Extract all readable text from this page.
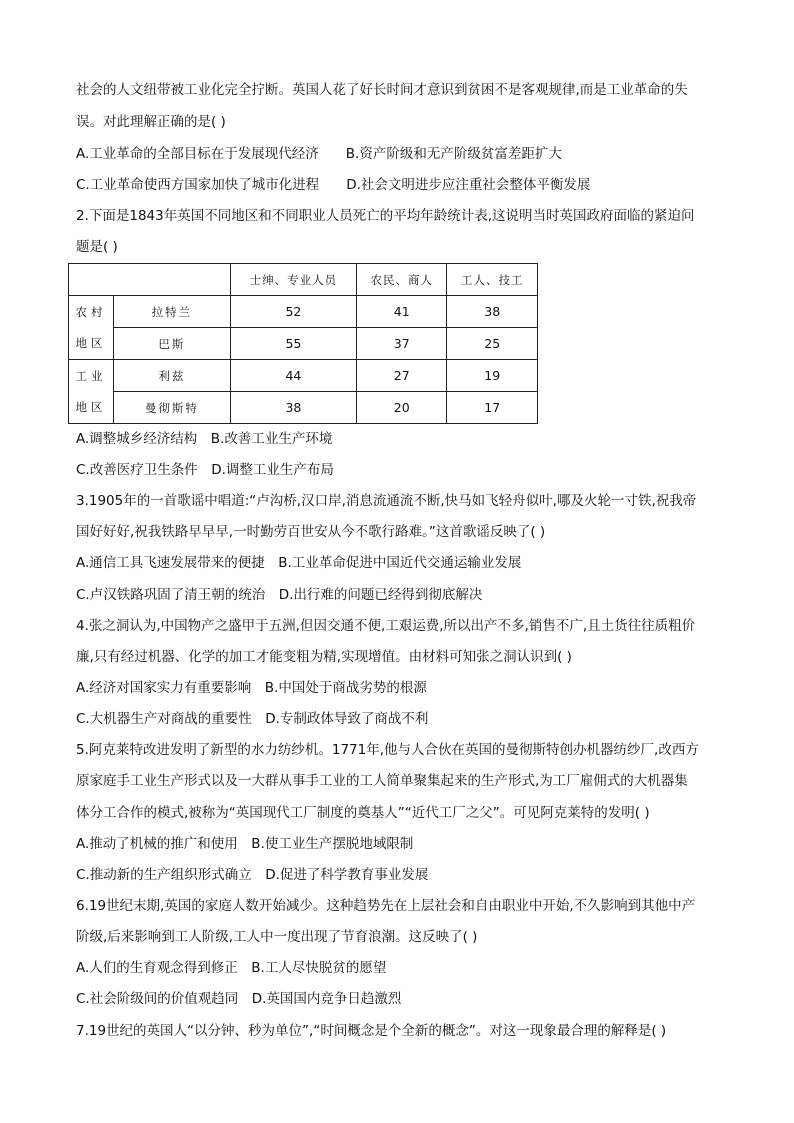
社会的人文纽带被工业化完全拧断。英国人花了好长时间才意识到贫困不是客观规律,而是工业革命的失
误。对此理解正确的是( )
A.工业革命的全部目标在于发展现代经济　　B.资产阶级和无产阶级贫富差距扩大
C.工业革命使西方国家加快了城市化进程　　D.社会文明进步应注重社会整体平衡发展
2.下面是1843年英国不同地区和不同职业人员死亡的平均年龄统计表,这说明当时英国政府面临的紧迫问
题是( )
		士绅、专业人员	农民、商人	工人、技工
农村	拉特兰	52	41	38
地区	巴斯	55	37	25
工业	利兹	44	27	19
地区	曼彻斯特	38	20	17
A.调整城乡经济结构　B.改善工业生产环境
C.改善医疗卫生条件　D.调整工业生产布局
3.1905年的一首歌谣中唱道:“卢沟桥,汉口岸,消息流通流不断,快马如飞轻舟似叶,哪及火轮一寸铁,祝我帝
国好好好,祝我铁路早早早,一时勤劳百世安从今不歌行路难。”这首歌谣反映了( )
A.通信工具飞速发展带来的便捷　B.工业革命促进中国近代交通运输业发展
C.卢汉铁路巩固了清王朝的统治　D.出行难的问题已经得到彻底解决
4.张之洞认为,中国物产之盛甲于五洲,但因交通不便,工艰运费,所以出产不多,销售不广,且土货往往质粗价
廉,只有经过机器、化学的加工才能变粗为精,实现增值。由材料可知张之洞认识到( )
A.经济对国家实力有重要影响　B.中国处于商战劣势的根源
C.大机器生产对商战的重要性　D.专制政体导致了商战不利
5.阿克莱特改进发明了新型的水力纺纱机。1771年,他与人合伙在英国的曼彻斯特创办机器纺纱厂,改西方
原家庭手工业生产形式以及一大群从事手工业的工人简单聚集起来的生产形式,为工厂雇佣式的大机器集
体分工合作的模式,被称为“英国现代工厂制度的奠基人”“近代工厂之父”。可见阿克莱特的发明( )
A.推动了机械的推广和使用　B.使工业生产摆脱地域限制
C.推动新的生产组织形式确立　D.促进了科学教育事业发展
6.19世纪末期,英国的家庭人数开始减少。这种趋势先在上层社会和自由职业中开始,不久影响到其他中产
阶级,后来影响到工人阶级,工人中一度出现了节育浪潮。这反映了( )
A.人们的生育观念得到修正　B.工人尽快脱贫的愿望
C.社会阶级间的价值观趋同　D.英国国内竞争日趋激烈
7.19世纪的英国人“以分钟、秒为单位”,“时间概念是个全新的概念”。对这一现象最合理的解释是( )
